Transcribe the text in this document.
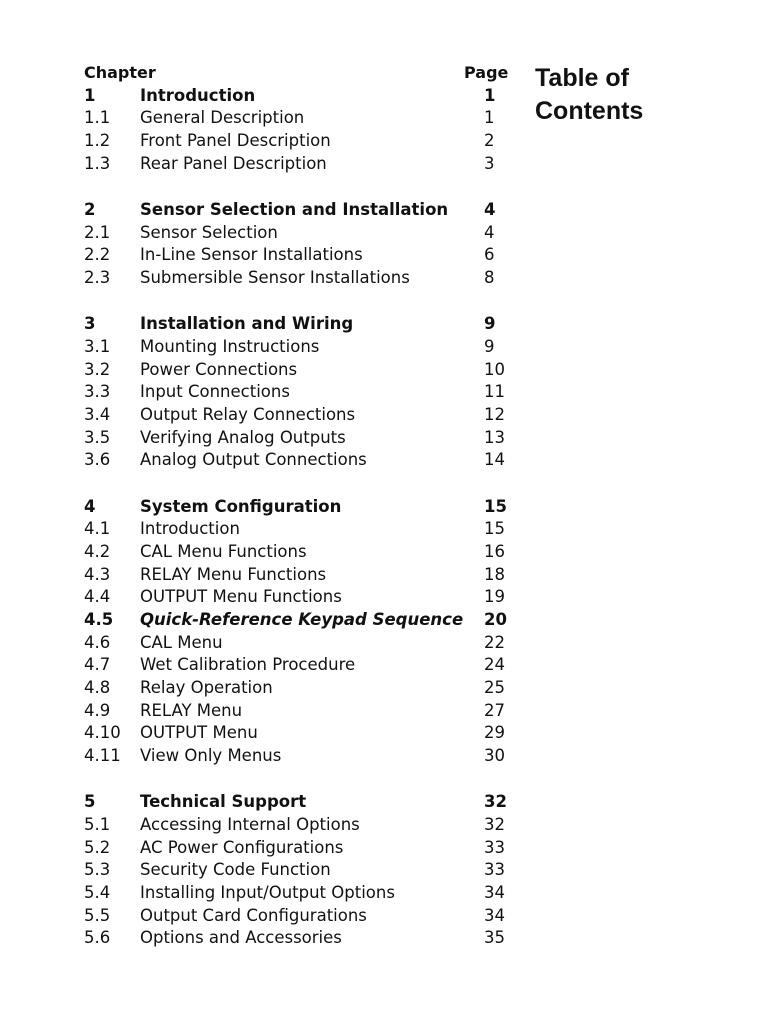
Chapter	Page
1	Introduction	1
1.1	General Description	1
1.2	Front Panel Description	2
1.3	Rear Panel Description	3
2	Sensor Selection and Installation	4
2.1	Sensor Selection	4
2.2	In-Line Sensor Installations	6
2.3	Submersible Sensor Installations	8
3	Installation and Wiring	9
3.1	Mounting Instructions	9
3.2	Power Connections	10
3.3	Input Connections	11
3.4	Output Relay Connections	12
3.5	Verifying Analog Outputs	13
3.6	Analog Output Connections	14
4	System Configuration	15
4.1	Introduction	15
4.2	CAL Menu Functions	16
4.3	RELAY Menu Functions	18
4.4	OUTPUT Menu Functions	19
4.5	Quick-Reference Keypad Sequence	20
4.6	CAL Menu	22
4.7	Wet Calibration Procedure	24
4.8	Relay Operation	25
4.9	RELAY Menu	27
4.10	OUTPUT Menu	29
4.11	View Only Menus	30
5	Technical Support	32
5.1	Accessing Internal Options	32
5.2	AC Power Configurations	33
5.3	Security Code Function	33
5.4	Installing Input/Output Options	34
5.5	Output Card Configurations	34
5.6	Options and Accessories	35
Table of
Contents
